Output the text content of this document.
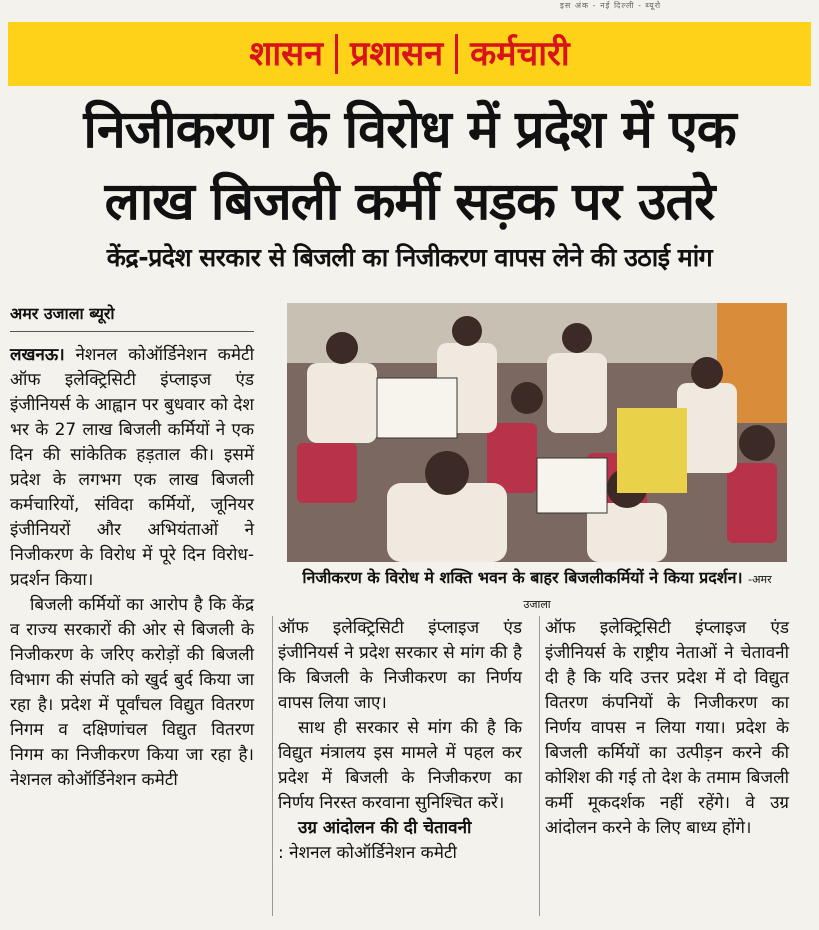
इस अंक - नई दिल्ली - ब्यूरो
शासन प्रशासन कर्मचारी
निजीकरण के विरोध में प्रदेश में एक
लाख बिजली कर्मी सड़क पर उतरे
केंद्र-प्रदेश सरकार से बिजली का निजीकरण वापस लेने की उठाई मांग
अमर उजाला ब्यूरो

लखनऊ। नेशनल कोऑर्डिनेशन कमेटी ऑफ इलेक्ट्रिसिटी इंप्लाइज एंड इंजीनियर्स के आह्वान पर बुधवार को देश भर के 27 लाख बिजली कर्मियों ने एक दिन की सांकेतिक हड़ताल की। इसमें प्रदेश के लगभग एक लाख बिजली कर्मचारियों, संविदा कर्मियों, जूनियर इंजीनियरों और अभियंताओं ने निजीकरण के विरोध में पूरे दिन विरोध-प्रदर्शन किया।

बिजली कर्मियों का आरोप है कि केंद्र व राज्य सरकारों की ओर से बिजली के निजीकरण के जरिए करोड़ों की बिजली विभाग की संपति को खुर्द बुर्द किया जा रहा है। प्रदेश में पूर्वांचल विद्युत वितरण निगम व दक्षिणांचल विद्युत वितरण निगम का निजीकरण किया जा रहा है। नेशनल कोऑर्डिनेशन कमेटी

निजीकरण के विरोध मे शक्ति भवन के बाहर बिजलीकर्मियों ने किया प्रदर्शन। -अमर उजाला

ऑफ इलेक्ट्रिसिटी इंप्लाइज एंड इंजीनियर्स ने प्रदेश सरकार से मांग की है कि बिजली के निजीकरण का निर्णय वापस लिया जाए।

साथ ही सरकार से मांग की है कि विद्युत मंत्रालय इस मामले में पहल कर प्रदेश में बिजली के निजीकरण का निर्णय निरस्त करवाना सुनिश्चित करें।

उग्र आंदोलन की दी चेतावनी

: नेशनल कोऑर्डिनेशन कमेटी

ऑफ इलेक्ट्रिसिटी इंप्लाइज एंड इंजीनियर्स के राष्ट्रीय नेताओं ने चेतावनी दी है कि यदि उत्तर प्रदेश में दो विद्युत वितरण कंपनियों के निजीकरण का निर्णय वापस न लिया गया। प्रदेश के बिजली कर्मियों का उत्पीड़न करने की कोशिश की गई तो देश के तमाम बिजली कर्मी मूकदर्शक नहीं रहेंगे। वे उग्र आंदोलन करने के लिए बाध्य होंगे।
